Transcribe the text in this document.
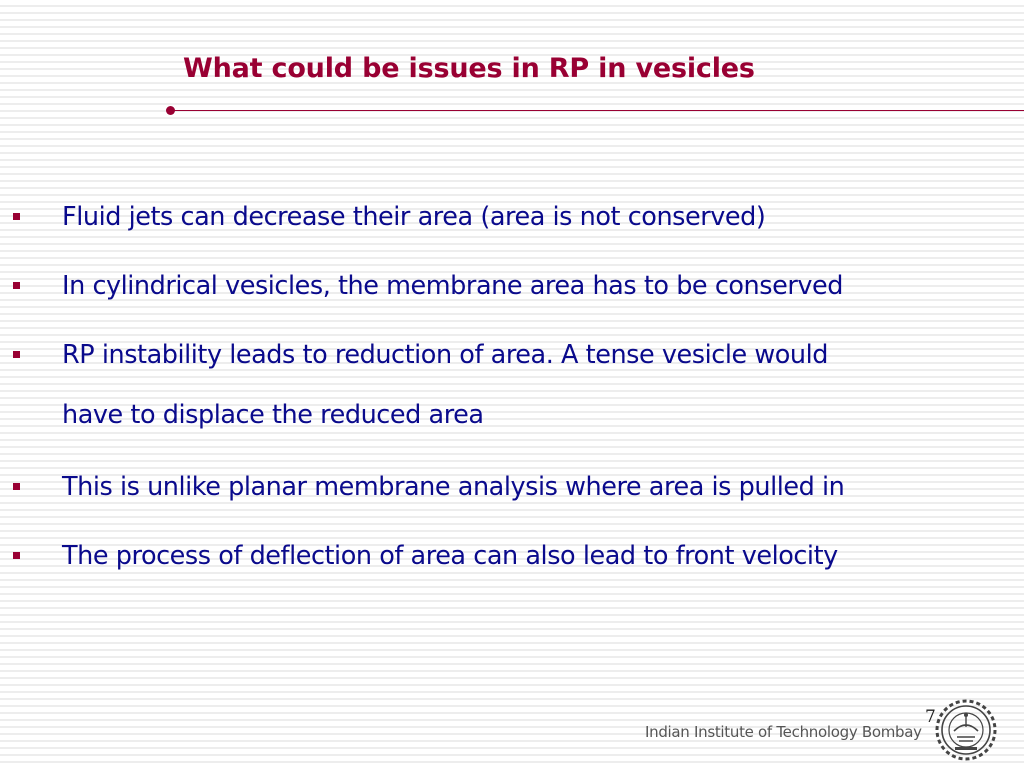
What could be issues in RP in vesicles

Fluid jets can decrease their area (area is not conserved)

In cylindrical vesicles, the membrane area has to be conserved

RP instability leads to reduction of area. A tense vesicle would
have to displace the reduced area

This is unlike planar membrane analysis where area is pulled in

The process of deflection of area can also lead to front velocity

7
Indian Institute of Technology Bombay
